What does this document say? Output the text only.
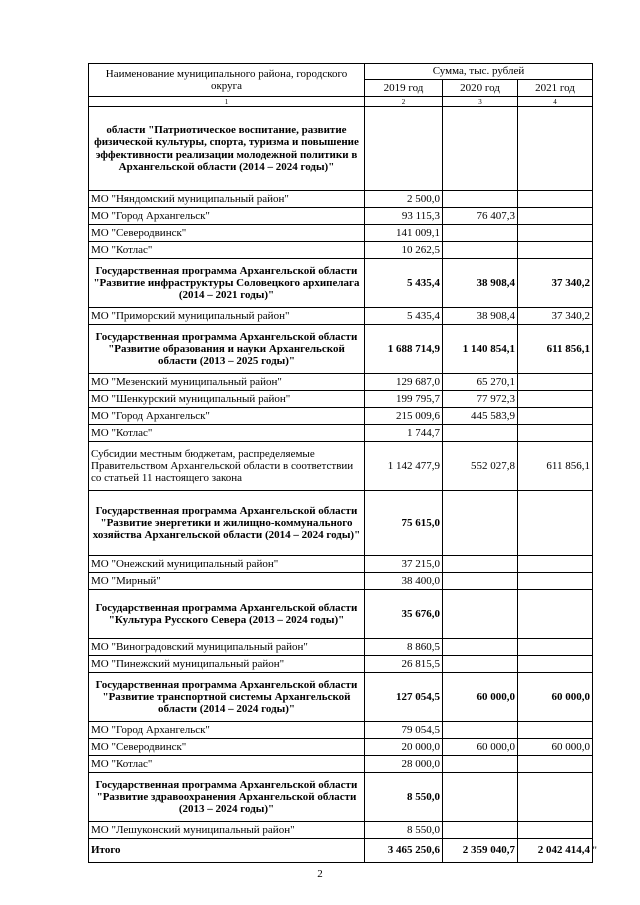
Наименование муниципального района, городского округа	Сумма, тыс. рублей		
	2019 год	2020 год	2021 год
1	2	3	4
области "Патриотическое воспитание, развитие физической культуры, спорта, туризма и повышение эффективности реализации молодежной политики в Архангельской области (2014 – 2024 годы)"			
МО "Няндомский муниципальный район"	2 500,0		
МО "Город Архангельск"	93 115,3	76 407,3	
МО "Северодвинск"	141 009,1		
МО "Котлас"	10 262,5		
Государственная программа Архангельской области "Развитие инфраструктуры Соловецкого архипелага (2014 – 2021 годы)"	5 435,4	38 908,4	37 340,2
МО "Приморский муниципальный район"	5 435,4	38 908,4	37 340,2
Государственная программа Архангельской области "Развитие образования и науки Архангельской области (2013 – 2025 годы)"	1 688 714,9	1 140 854,1	611 856,1
МО "Мезенский муниципальный район"	129 687,0	65 270,1	
МО "Шенкурский муниципальный район"	199 795,7	77 972,3	
МО "Город Архангельск"	215 009,6	445 583,9	
МО "Котлас"	1 744,7		
Субсидии местным бюджетам, распределяемые Правительством Архангельской области в соответствии со статьей 11 настоящего закона	1 142 477,9	552 027,8	611 856,1
Государственная программа Архангельской области "Развитие энергетики и жилищно-коммунального хозяйства Архангельской области (2014 – 2024 годы)"	75 615,0		
МО "Онежский муниципальный район"	37 215,0		
МО "Мирный"	38 400,0		
Государственная программа Архангельской области "Культура Русского Севера (2013 – 2024 годы)"	35 676,0		
МО "Виноградовский муниципальный район"	8 860,5		
МО "Пинежский муниципальный район"	26 815,5		
Государственная программа Архангельской области "Развитие транспортной системы Архангельской области (2014 – 2024 годы)"	127 054,5	60 000,0	60 000,0
МО "Город Архангельск"	79 054,5		
МО "Северодвинск"	20 000,0	60 000,0	60 000,0
МО "Котлас"	28 000,0		
Государственная программа Архангельской области "Развитие здравоохранения Архангельской области (2013 – 2024 годы)"	8 550,0		
МО "Лешуконский муниципальный район"	8 550,0		
Итого	3 465 250,6	2 359 040,7	2 042 414,4 "
2
